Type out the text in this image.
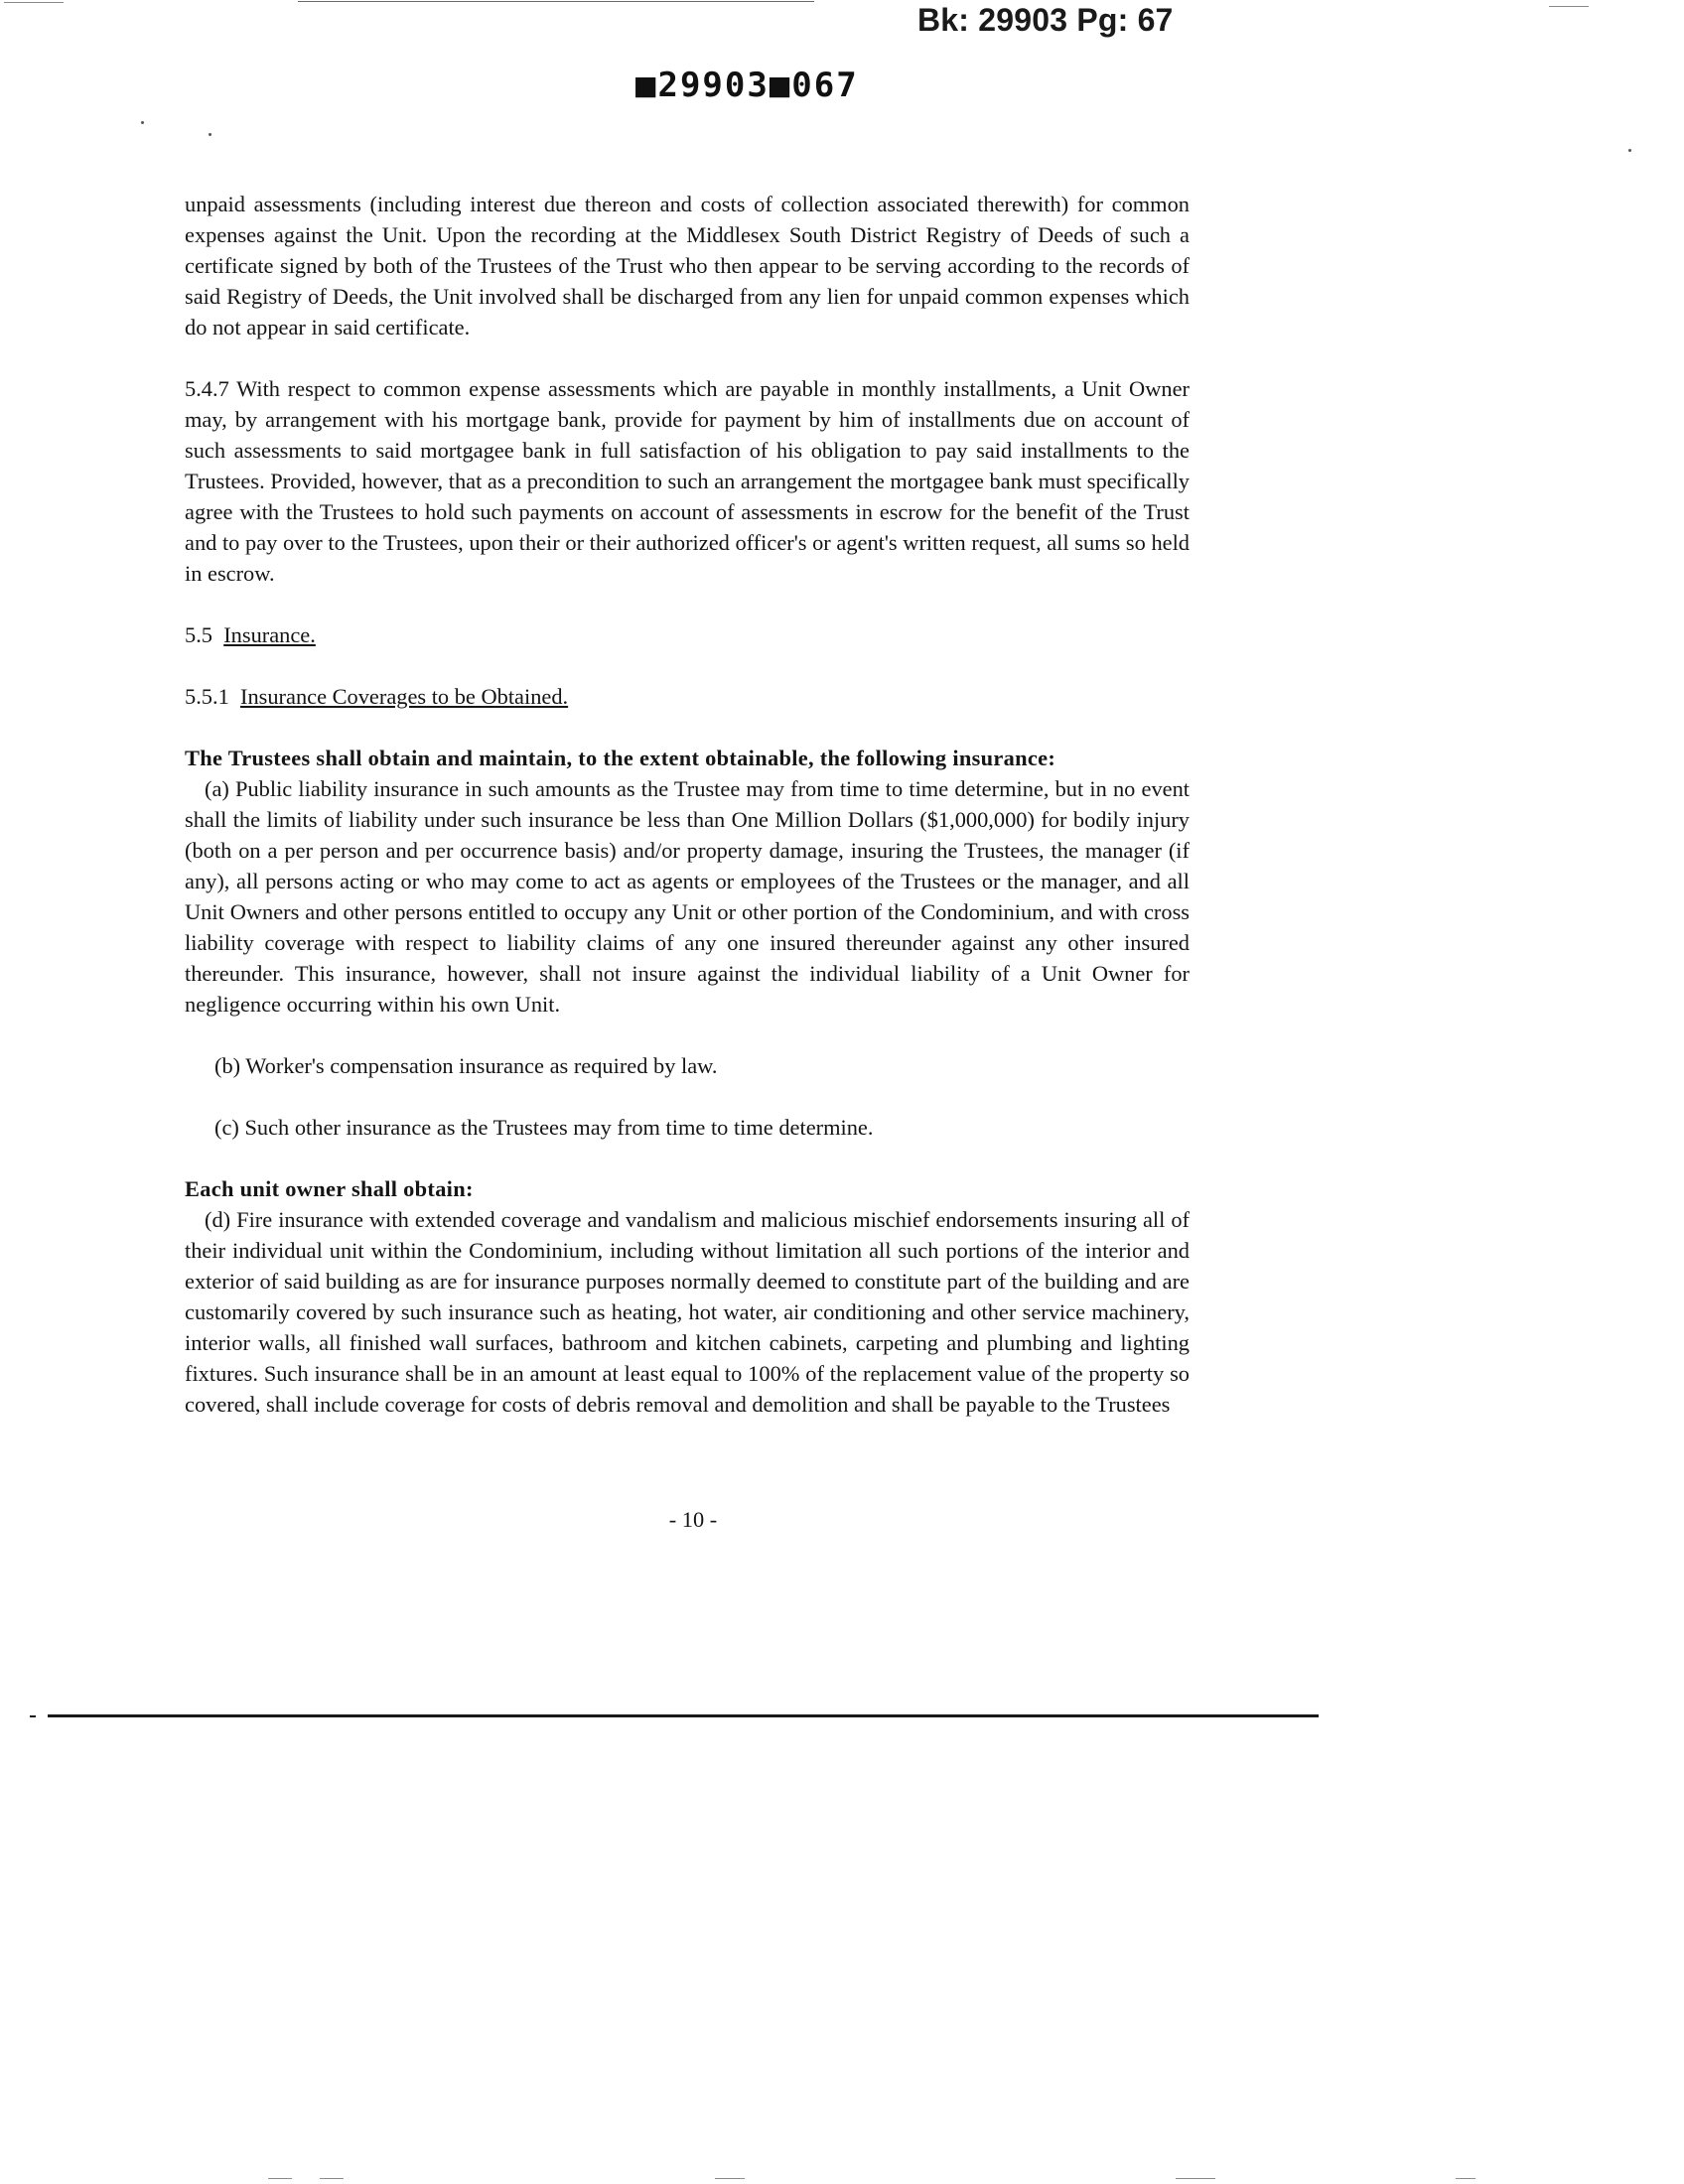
Bk: 29903 Pg: 67
■29903■067

unpaid assessments (including interest due thereon and costs of collection associated therewith) for common expenses against the Unit. Upon the recording at the Middlesex South District Registry of Deeds of such a certificate signed by both of the Trustees of the Trust who then appear to be serving according to the records of said Registry of Deeds, the Unit involved shall be discharged from any lien for unpaid common expenses which do not appear in said certificate.

5.4.7 With respect to common expense assessments which are payable in monthly installments, a Unit Owner may, by arrangement with his mortgage bank, provide for payment by him of installments due on account of such assessments to said mortgagee bank in full satisfaction of his obligation to pay said installments to the Trustees. Provided, however, that as a precondition to such an arrangement the mortgagee bank must specifically agree with the Trustees to hold such payments on account of assessments in escrow for the benefit of the Trust and to pay over to the Trustees, upon their or their authorized officer's or agent's written request, all sums so held in escrow.

5.5 Insurance.

5.5.1 Insurance Coverages to be Obtained.

The Trustees shall obtain and maintain, to the extent obtainable, the following insurance:

(a) Public liability insurance in such amounts as the Trustee may from time to time determine, but in no event shall the limits of liability under such insurance be less than One Million Dollars ($1,000,000) for bodily injury (both on a per person and per occurrence basis) and/or property damage, insuring the Trustees, the manager (if any), all persons acting or who may come to act as agents or employees of the Trustees or the manager, and all Unit Owners and other persons entitled to occupy any Unit or other portion of the Condominium, and with cross liability coverage with respect to liability claims of any one insured thereunder against any other insured thereunder. This insurance, however, shall not insure against the individual liability of a Unit Owner for negligence occurring within his own Unit.

(b) Worker's compensation insurance as required by law.

(c) Such other insurance as the Trustees may from time to time determine.

Each unit owner shall obtain:

(d) Fire insurance with extended coverage and vandalism and malicious mischief endorsements insuring all of their individual unit within the Condominium, including without limitation all such portions of the interior and exterior of said building as are for insurance purposes normally deemed to constitute part of the building and are customarily covered by such insurance such as heating, hot water, air conditioning and other service machinery, interior walls, all finished wall surfaces, bathroom and kitchen cabinets, carpeting and plumbing and lighting fixtures. Such insurance shall be in an amount at least equal to 100% of the replacement value of the property so covered, shall include coverage for costs of debris removal and demolition and shall be payable to the Trustees

- 10 -
